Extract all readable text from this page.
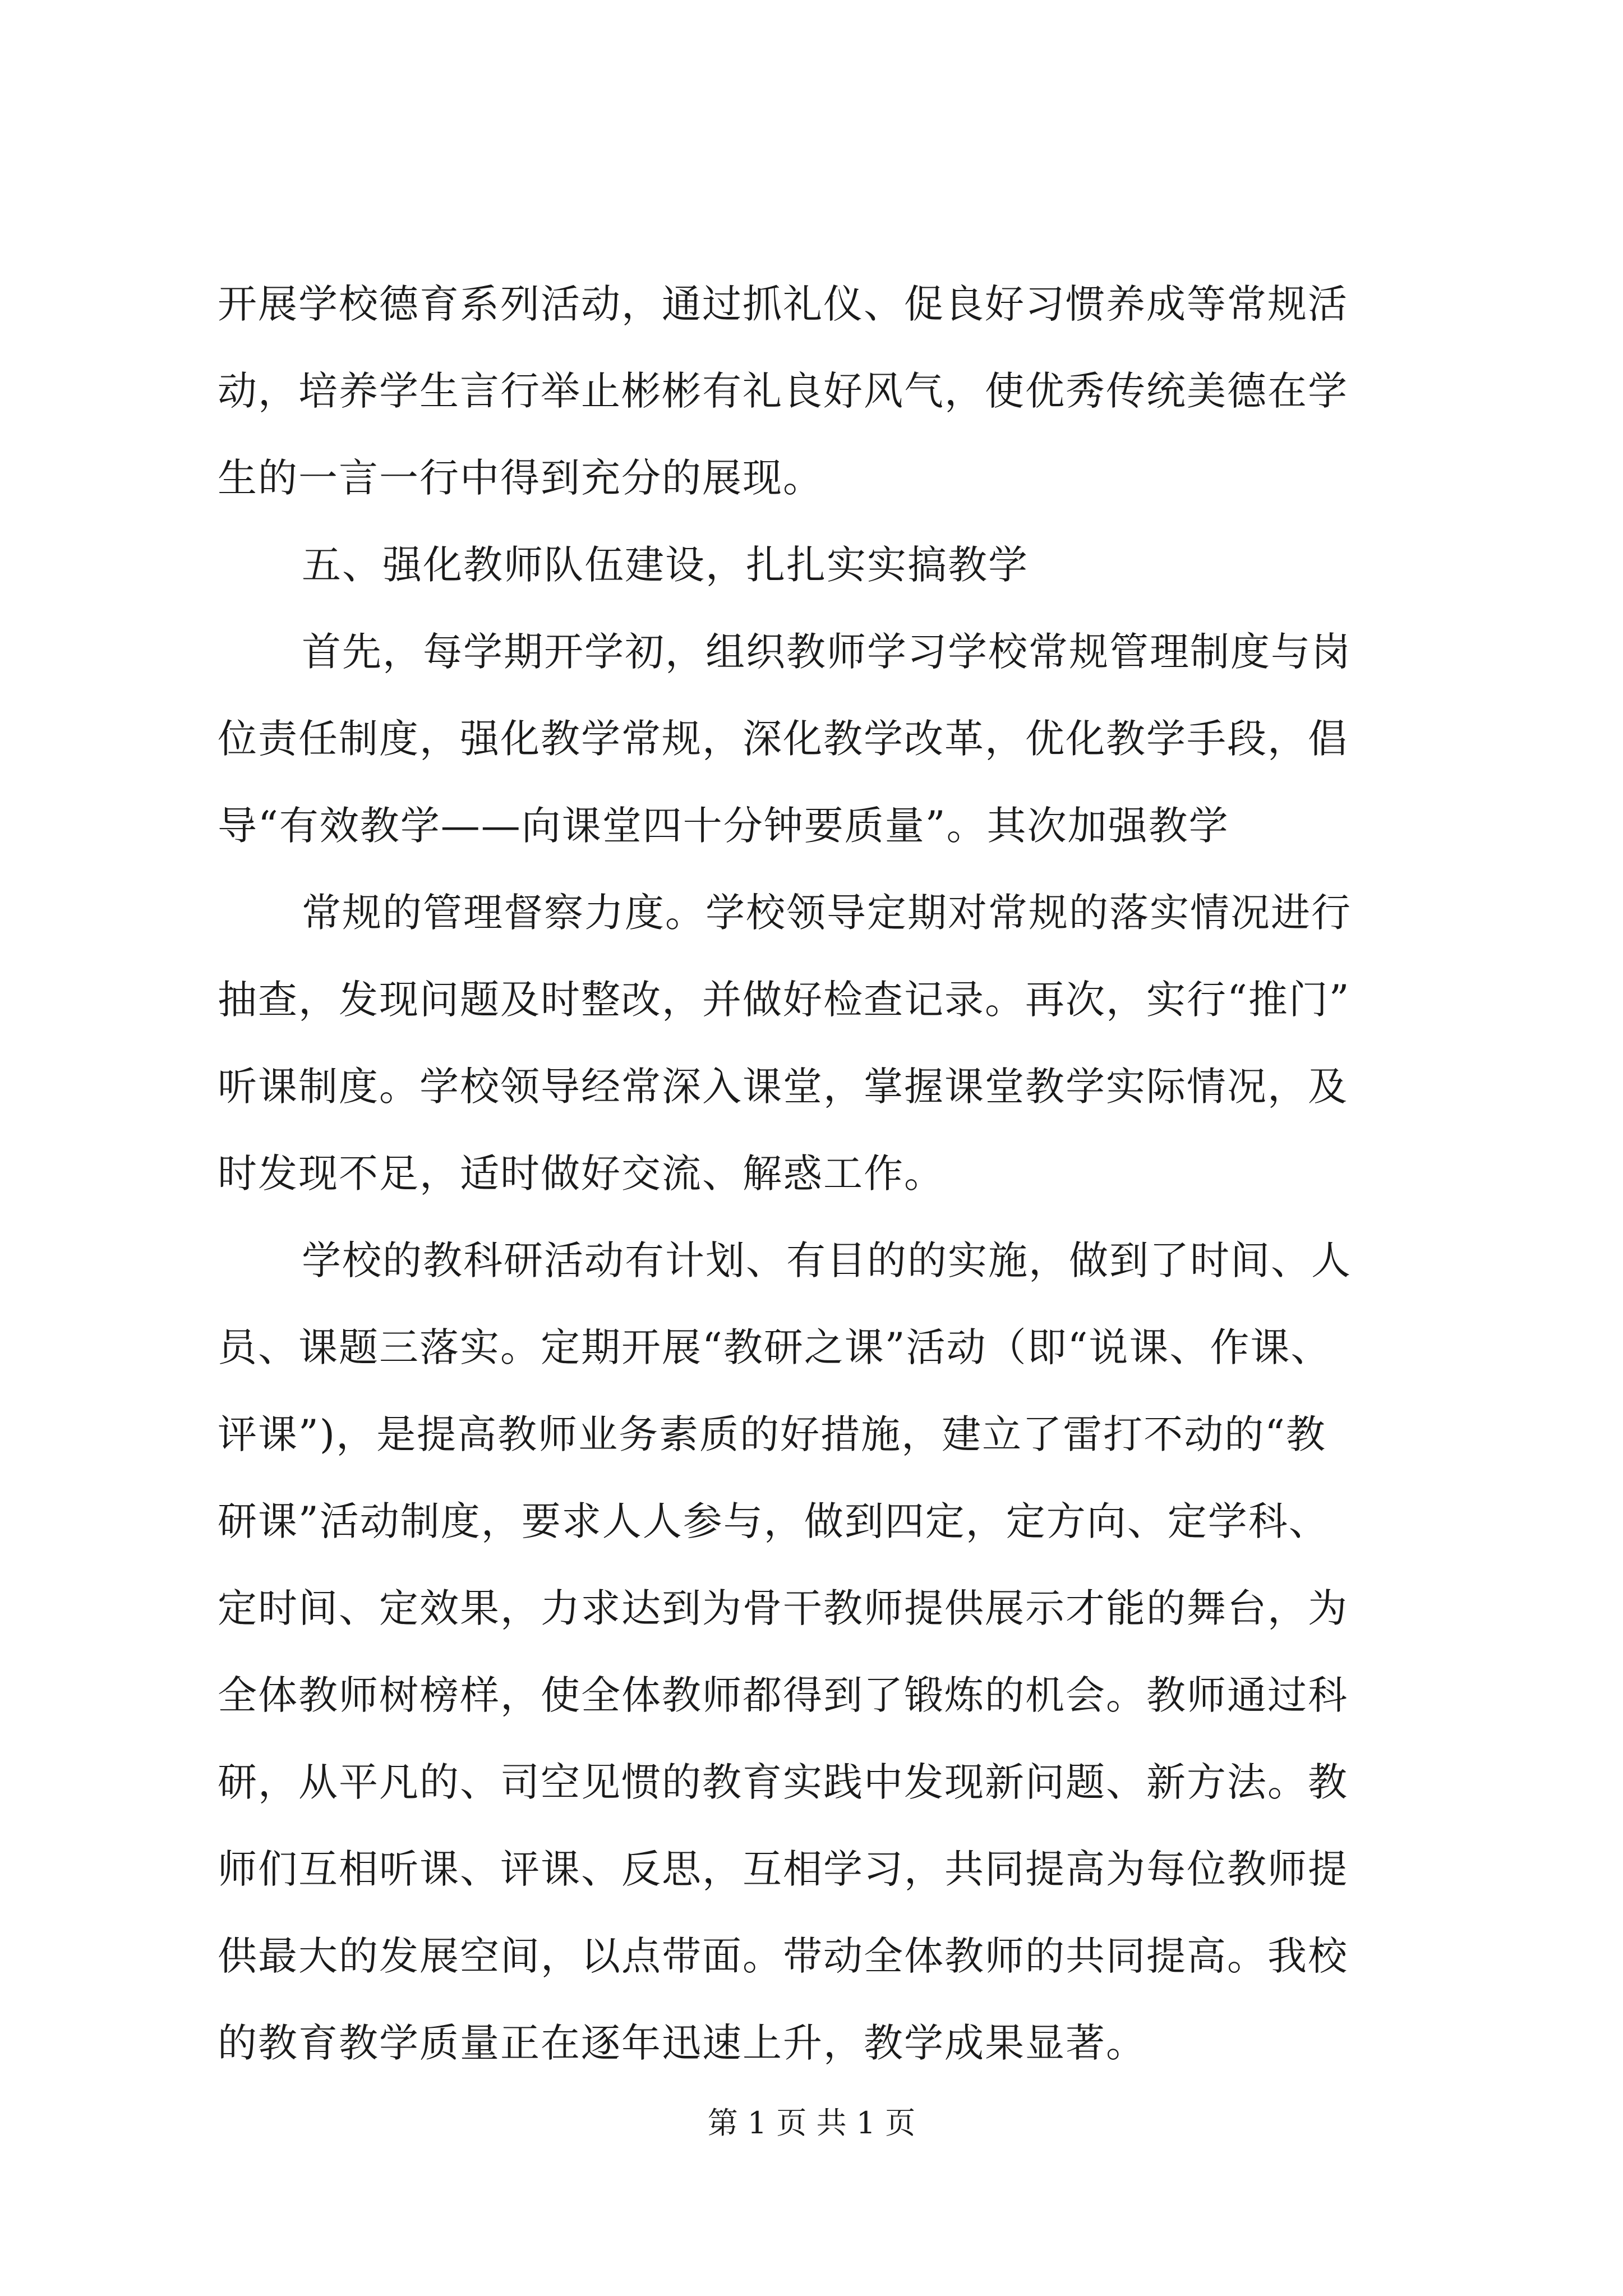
开展学校德育系列活动，通过抓礼仪、促良好习惯养成等常规活
动，培养学生言行举止彬彬有礼良好风气，使优秀传统美德在学
生的一言一行中得到充分的展现。
五、强化教师队伍建设，扎扎实实搞教学
首先，每学期开学初，组织教师学习学校常规管理制度与岗
位责任制度，强化教学常规，深化教学改革，优化教学手段，倡
导“有效教学——向课堂四十分钟要质量”。其次加强教学
常规的管理督察力度。学校领导定期对常规的落实情况进行
抽查，发现问题及时整改，并做好检查记录。再次，实行“推门”
听课制度。学校领导经常深入课堂，掌握课堂教学实际情况，及
时发现不足，适时做好交流、解惑工作。
学校的教科研活动有计划、有目的的实施，做到了时间、人
员、课题三落实。定期开展“教研之课”活动（即“说课、作课、
评课”)，是提高教师业务素质的好措施，建立了雷打不动的“教
研课”活动制度，要求人人参与，做到四定，定方向、定学科、
定时间、定效果，力求达到为骨干教师提供展示才能的舞台，为
全体教师树榜样，使全体教师都得到了锻炼的机会。教师通过科
研，从平凡的、司空见惯的教育实践中发现新问题、新方法。教
师们互相听课、评课、反思，互相学习，共同提高为每位教师提
供最大的发展空间，以点带面。带动全体教师的共同提高。我校
的教育教学质量正在逐年迅速上升，教学成果显著。
第 1 页 共 1 页
